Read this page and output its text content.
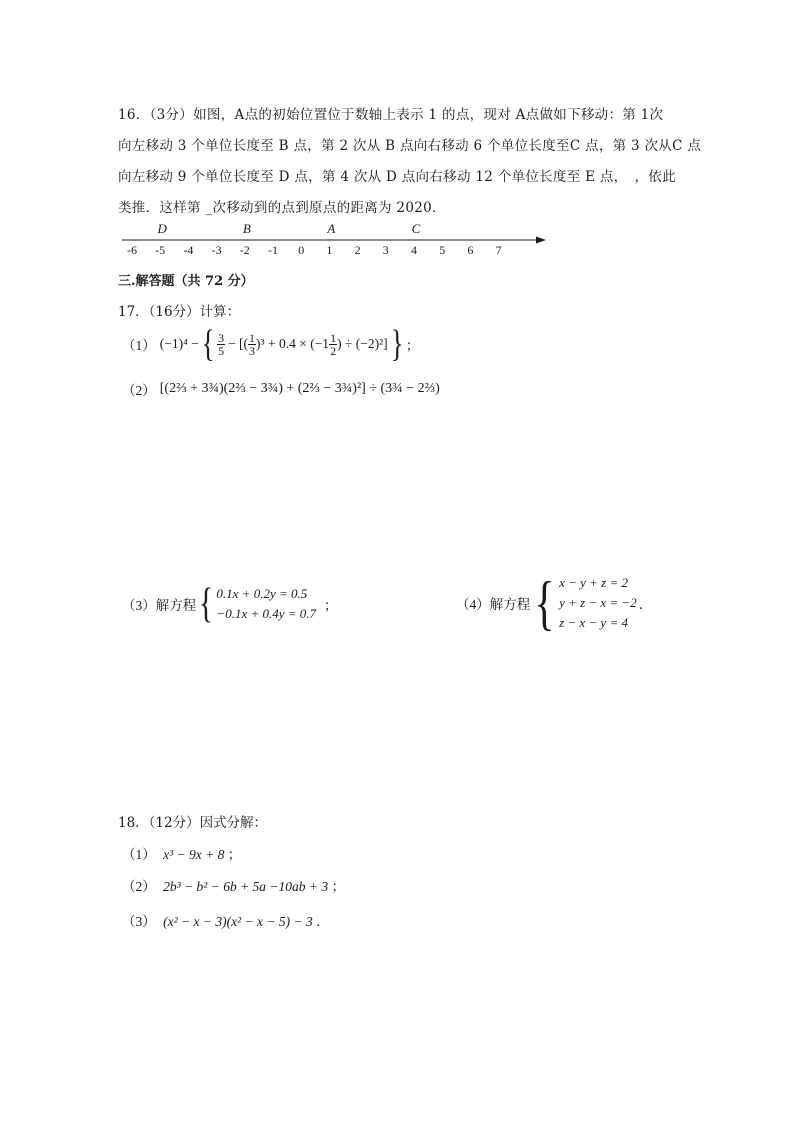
16．（3分）如图，A点的初始位置位于数轴上表示 1 的点，现对 A点做如下移动：第 1次
向左移动 3 个单位长度至 B 点，第 2 次从 B 点向右移动 6 个单位长度至C 点，第 3 次从C 点
向左移动 9 个单位长度至 D 点，第 4 次从 D 点向右移动 12 个单位长度至 E 点，　，依此
类推．这样第 _次移动到的点到原点的距离为 2020．
-6 -5 -4 -3 -2 -1 0 1 2 3 4 5 6 7
D	B	A	C
三.解答题（共 72 分）
17．（16分）计算：
（1） (−1)⁴ − { $\frac{3}{5}$ − [( $\frac{1}{3} )^3 + 0.4 \times (-1 \frac{1}{2}$ ) ÷ (−2)²] } ；
（2） [(2⅔ + 3¾)(2⅔ − 3¾) + (2⅔ − 3¾)²] ÷ (3¾ − 2⅔)
（3）解方程 { 0.1x + 0.2y = 0.5
−0.1x + 0.4y = 0.7
；	（4）解方程 { x − y + z = 2
y + z − x = −2
z − x − y = 4
．
18．（12分）因式分解：
（1） x³ − 9x + 8 ；
（2） 2b³ − b² − 6b + 5a −10ab + 3 ；
（3） (x² − x − 3)(x² − x − 5) − 3 ．
